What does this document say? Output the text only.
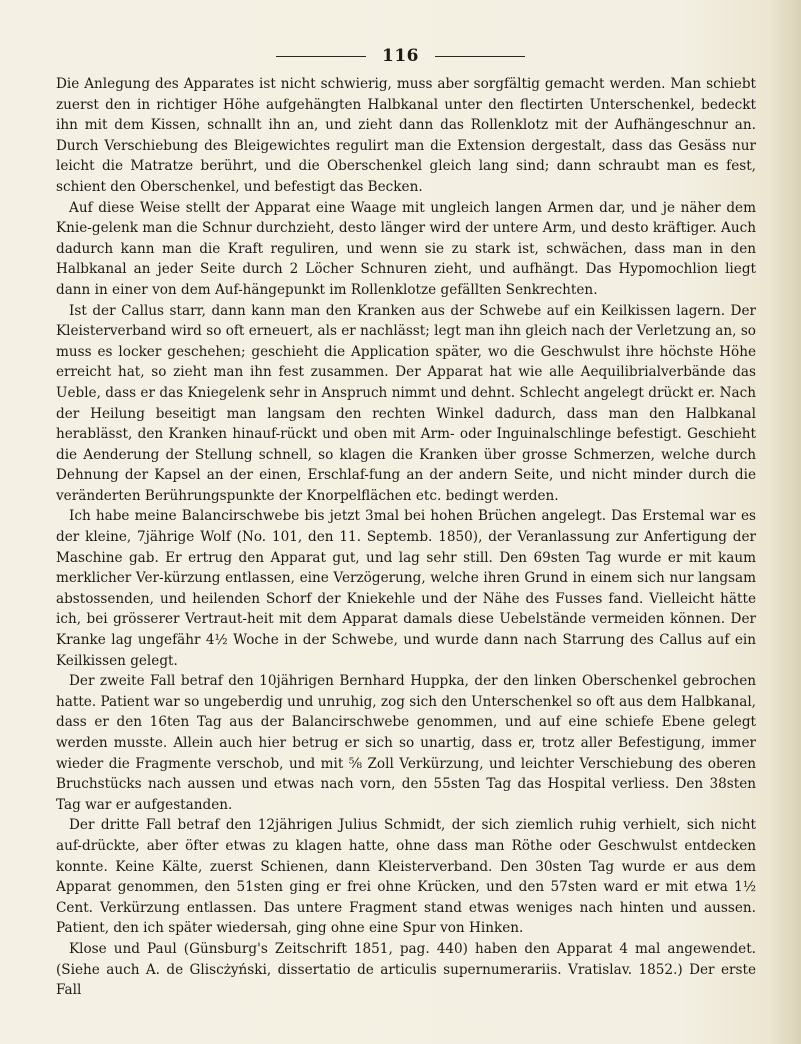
116

Die Anlegung des Apparates ist nicht schwierig, muss aber sorgfältig gemacht werden. Man schiebt zuerst den in richtiger Höhe aufgehängten Halbkanal unter den flectirten Unterschenkel, bedeckt ihn mit dem Kissen, schnallt ihn an, und zieht dann das Rollenklotz mit der Aufhängeschnur an. Durch Verschiebung des Bleigewichtes regulirt man die Extension dergestalt, dass das Gesäss nur leicht die Matratze berührt, und die Oberschenkel gleich lang sind; dann schraubt man es fest, schient den Oberschenkel, und befestigt das Becken.

Auf diese Weise stellt der Apparat eine Waage mit ungleich langen Armen dar, und je näher dem Knie-gelenk man die Schnur durchzieht, desto länger wird der untere Arm, und desto kräftiger. Auch dadurch kann man die Kraft reguliren, und wenn sie zu stark ist, schwächen, dass man in den Halbkanal an jeder Seite durch 2 Löcher Schnuren zieht, und aufhängt. Das Hypomochlion liegt dann in einer von dem Auf-hängepunkt im Rollenklotze gefällten Senkrechten.

Ist der Callus starr, dann kann man den Kranken aus der Schwebe auf ein Keilkissen lagern. Der Kleisterverband wird so oft erneuert, als er nachlässt; legt man ihn gleich nach der Verletzung an, so muss es locker geschehen; geschieht die Application später, wo die Geschwulst ihre höchste Höhe erreicht hat, so zieht man ihn fest zusammen. Der Apparat hat wie alle Aequilibrialverbände das Ueble, dass er das Kniegelenk sehr in Anspruch nimmt und dehnt. Schlecht angelegt drückt er. Nach der Heilung beseitigt man langsam den rechten Winkel dadurch, dass man den Halbkanal herablässt, den Kranken hinauf-rückt und oben mit Arm- oder Inguinalschlinge befestigt. Geschieht die Aenderung der Stellung schnell, so klagen die Kranken über grosse Schmerzen, welche durch Dehnung der Kapsel an der einen, Erschlaf-fung an der andern Seite, und nicht minder durch die veränderten Berührungspunkte der Knorpelflächen etc. bedingt werden.

Ich habe meine Balancirschwebe bis jetzt 3mal bei hohen Brüchen angelegt. Das Erstemal war es der kleine, 7jährige Wolf (No. 101, den 11. Septemb. 1850), der Veranlassung zur Anfertigung der Maschine gab. Er ertrug den Apparat gut, und lag sehr still. Den 69sten Tag wurde er mit kaum merklicher Ver-kürzung entlassen, eine Verzögerung, welche ihren Grund in einem sich nur langsam abstossenden, und heilenden Schorf der Kniekehle und der Nähe des Fusses fand. Vielleicht hätte ich, bei grösserer Vertraut-heit mit dem Apparat damals diese Uebelstände vermeiden können. Der Kranke lag ungefähr 4½ Woche in der Schwebe, und wurde dann nach Starrung des Callus auf ein Keilkissen gelegt.

Der zweite Fall betraf den 10jährigen Bernhard Huppka, der den linken Oberschenkel gebrochen hatte. Patient war so ungeberdig und unruhig, zog sich den Unterschenkel so oft aus dem Halbkanal, dass er den 16ten Tag aus der Balancirschwebe genommen, und auf eine schiefe Ebene gelegt werden musste. Allein auch hier betrug er sich so unartig, dass er, trotz aller Befestigung, immer wieder die Fragmente verschob, und mit ⅝ Zoll Verkürzung, und leichter Verschiebung des oberen Bruchstücks nach aussen und etwas nach vorn, den 55sten Tag das Hospital verliess. Den 38sten Tag war er aufgestanden.

Der dritte Fall betraf den 12jährigen Julius Schmidt, der sich ziemlich ruhig verhielt, sich nicht auf-drückte, aber öfter etwas zu klagen hatte, ohne dass man Röthe oder Geschwulst entdecken konnte. Keine Kälte, zuerst Schienen, dann Kleisterverband. Den 30sten Tag wurde er aus dem Apparat genommen, den 51sten ging er frei ohne Krücken, und den 57sten ward er mit etwa 1½ Cent. Verkürzung entlassen. Das untere Fragment stand etwas weniges nach hinten und aussen. Patient, den ich später wiedersah, ging ohne eine Spur von Hinken.

Klose und Paul (Günsburg's Zeitschrift 1851, pag. 440) haben den Apparat 4 mal angewendet. (Siehe auch A. de Gliscżyński, dissertatio de articulis supernumerariis. Vratislav. 1852.) Der erste Fall
